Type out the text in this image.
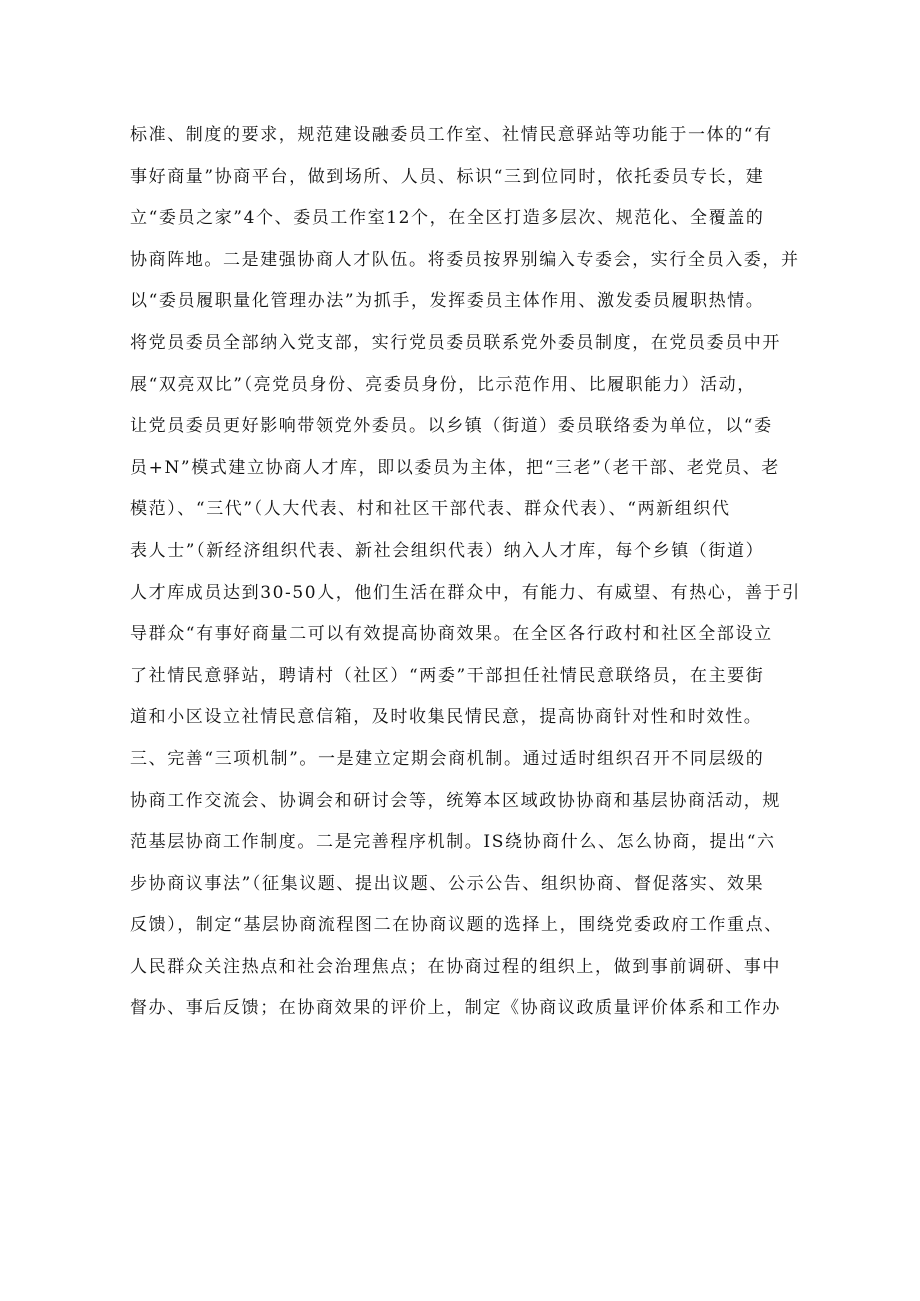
标准、制度的要求，规范建设融委员工作室、社情民意驿站等功能于一体的“有
事好商量”协商平台，做到场所、人员、标识“三到位同时，依托委员专长，建
立“委员之家”4个、委员工作室12个，在全区打造多层次、规范化、全覆盖的
协商阵地。二是建强协商人才队伍。将委员按界别编入专委会，实行全员入委，并
以“委员履职量化管理办法”为抓手，发挥委员主体作用、激发委员履职热情。
将党员委员全部纳入党支部，实行党员委员联系党外委员制度，在党员委员中开
展“双亮双比”（亮党员身份、亮委员身份，比示范作用、比履职能力）活动，
让党员委员更好影响带领党外委员。以乡镇（街道）委员联络委为单位，以“委
员+N”模式建立协商人才库，即以委员为主体，把“三老”（老干部、老党员、老
模范）、“三代”（人大代表、村和社区干部代表、群众代表）、“两新组织代
表人士”（新经济组织代表、新社会组织代表）纳入人才库，每个乡镇（街道）
人才库成员达到30-50人，他们生活在群众中，有能力、有威望、有热心，善于引
导群众“有事好商量二可以有效提高协商效果。在全区各行政村和社区全部设立
了社情民意驿站，聘请村（社区）“两委”干部担任社情民意联络员，在主要街
道和小区设立社情民意信箱，及时收集民情民意，提高协商针对性和时效性。
三、完善“三项机制”。一是建立定期会商机制。通过适时组织召开不同层级的
协商工作交流会、协调会和研讨会等，统筹本区域政协协商和基层协商活动，规
范基层协商工作制度。二是完善程序机制。IS绕协商什么、怎么协商，提出“六
步协商议事法”（征集议题、提出议题、公示公告、组织协商、督促落实、效果
反馈），制定“基层协商流程图二在协商议题的选择上，围绕党委政府工作重点、
人民群众关注热点和社会治理焦点；在协商过程的组织上，做到事前调研、事中
督办、事后反馈；在协商效果的评价上，制定《协商议政质量评价体系和工作办
